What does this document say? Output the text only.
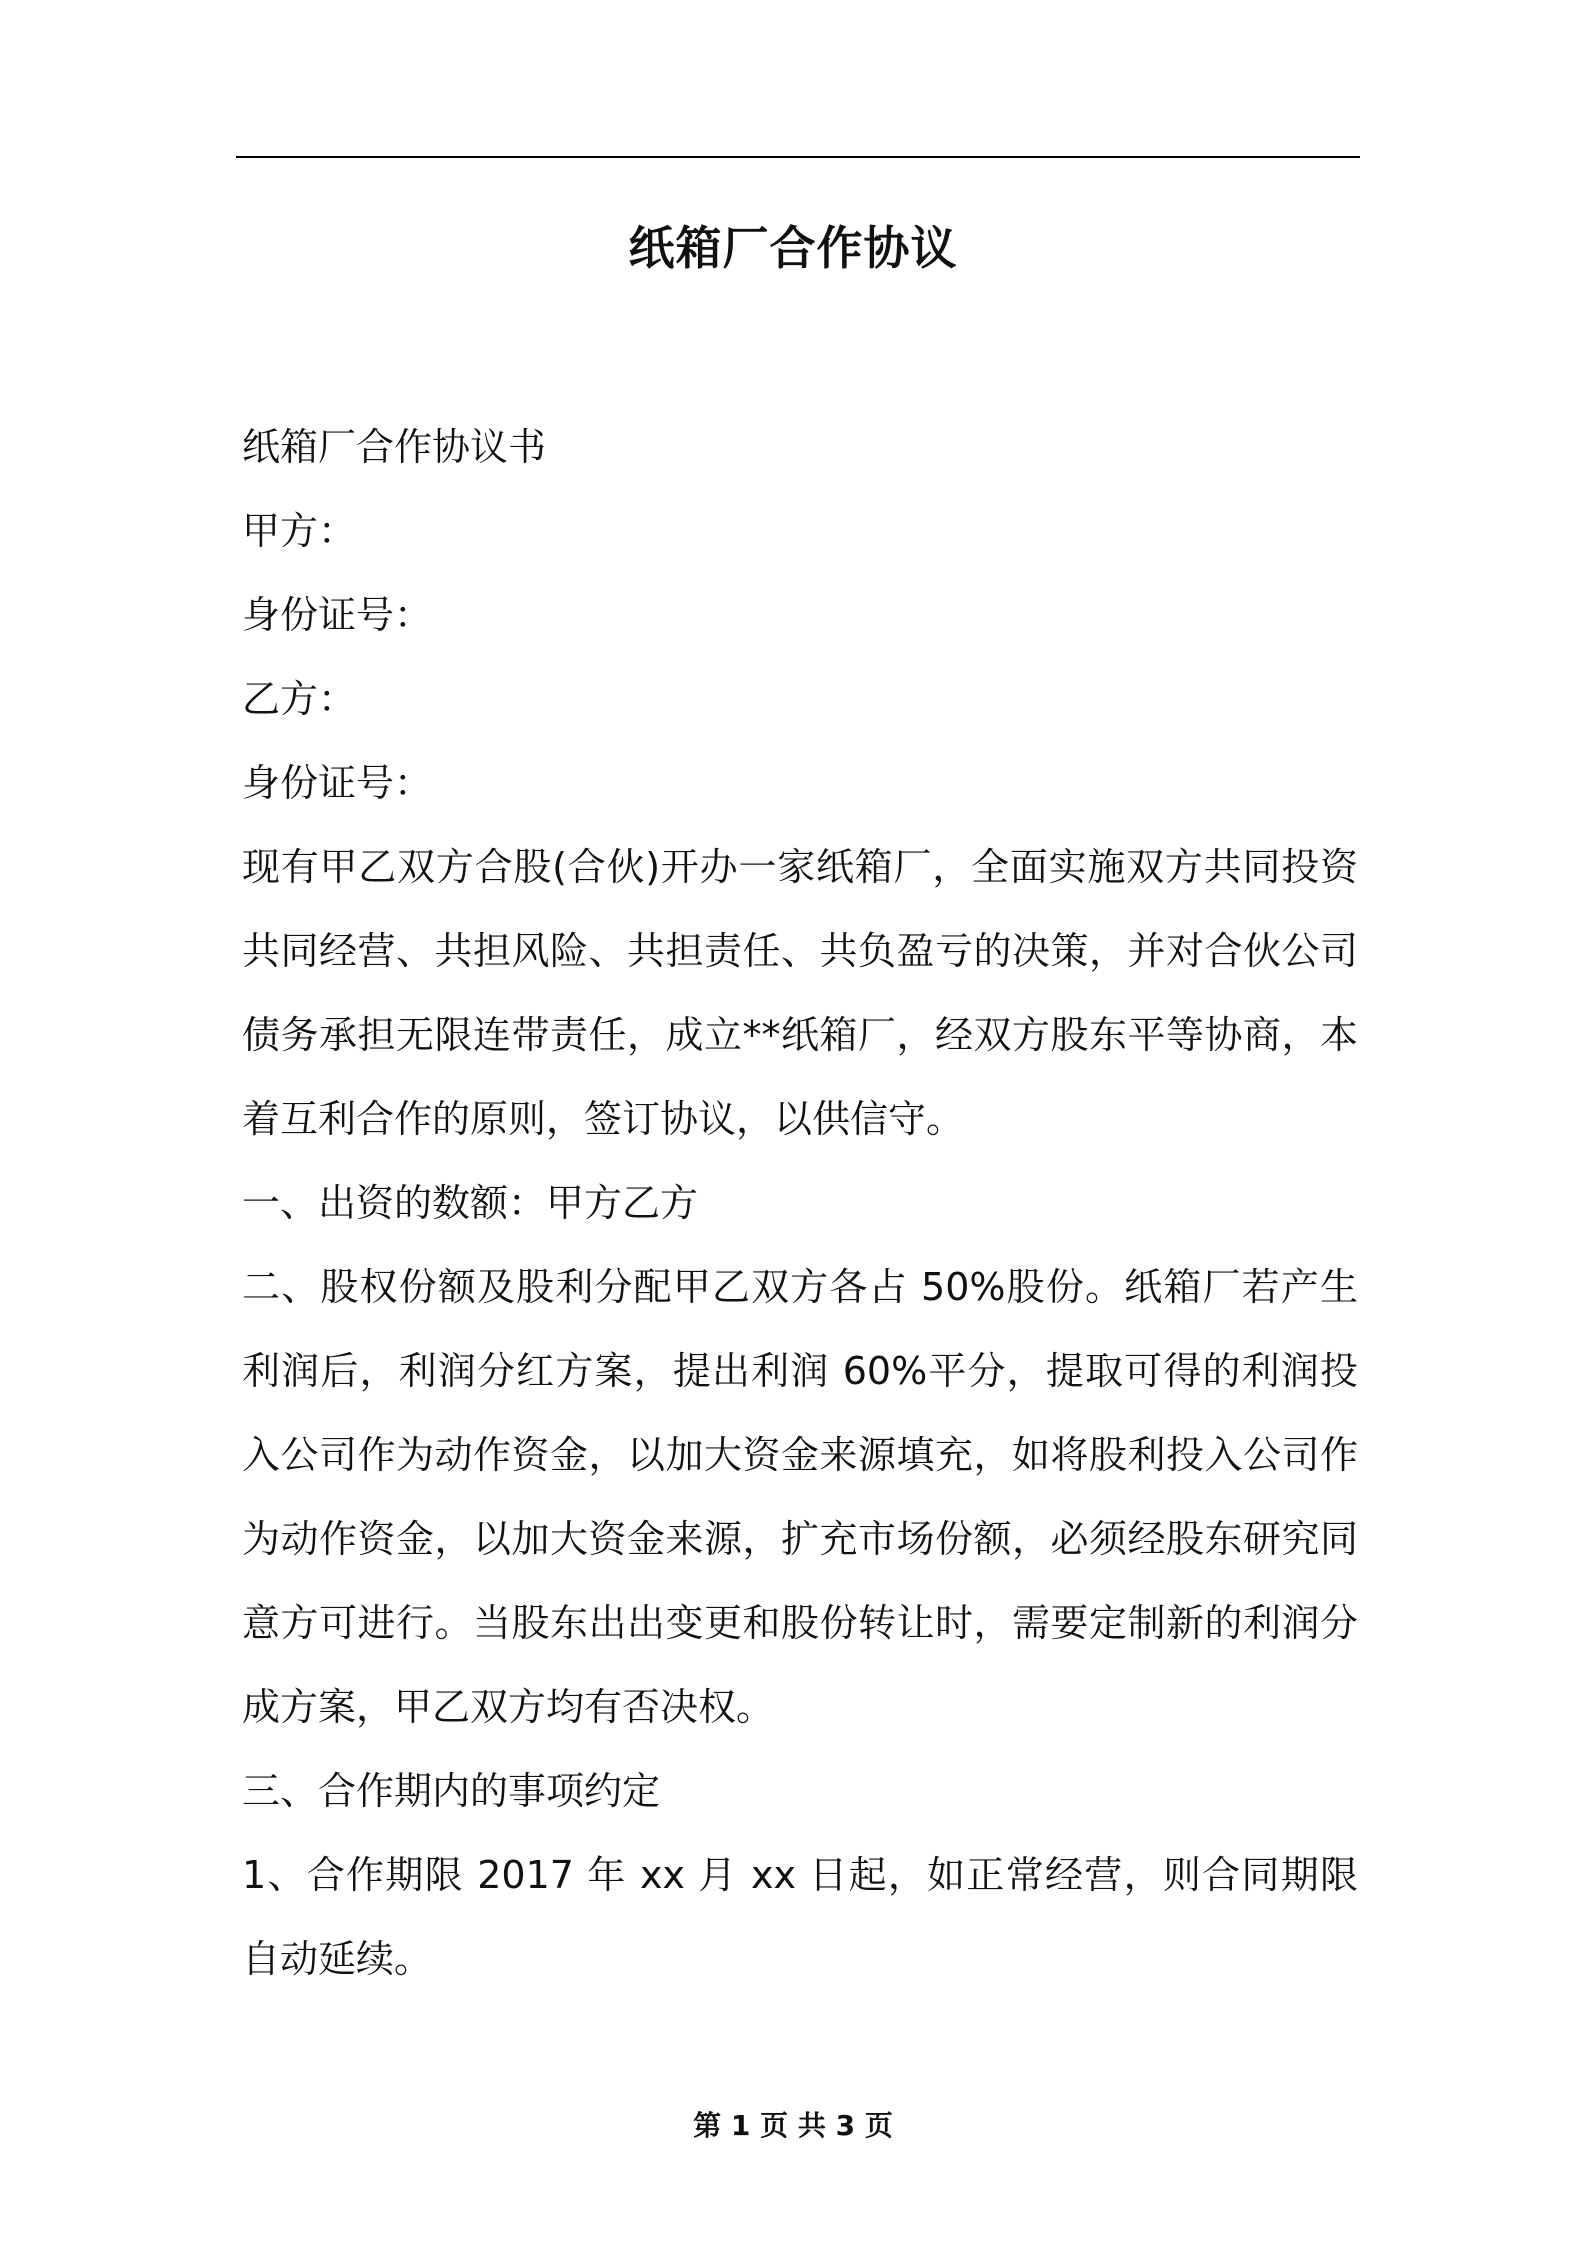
纸箱厂合作协议
纸箱厂合作协议书
甲方：
身份证号：
乙方：
身份证号：
现有甲乙双方合股(合伙)开办一家纸箱厂，全面实施双方共同投资共同经营、共担风险、共担责任、共负盈亏的决策，并对合伙公司债务承担无限连带责任，成立**纸箱厂，经双方股东平等协商，本着互利合作的原则，签订协议，以供信守。
一、出资的数额：甲方乙方
二、股权份额及股利分配甲乙双方各占 50%股份。纸箱厂若产生利润后，利润分红方案，提出利润 60%平分，提取可得的利润投入公司作为动作资金，以加大资金来源填充，如将股利投入公司作为动作资金，以加大资金来源，扩充市场份额，必须经股东研究同意方可进行。当股东出出变更和股份转让时，需要定制新的利润分成方案，甲乙双方均有否决权。
三、合作期内的事项约定
1、合作期限 2017 年 xx 月 xx 日起，如正常经营，则合同期限自动延续。
第 1 页 共 3 页
